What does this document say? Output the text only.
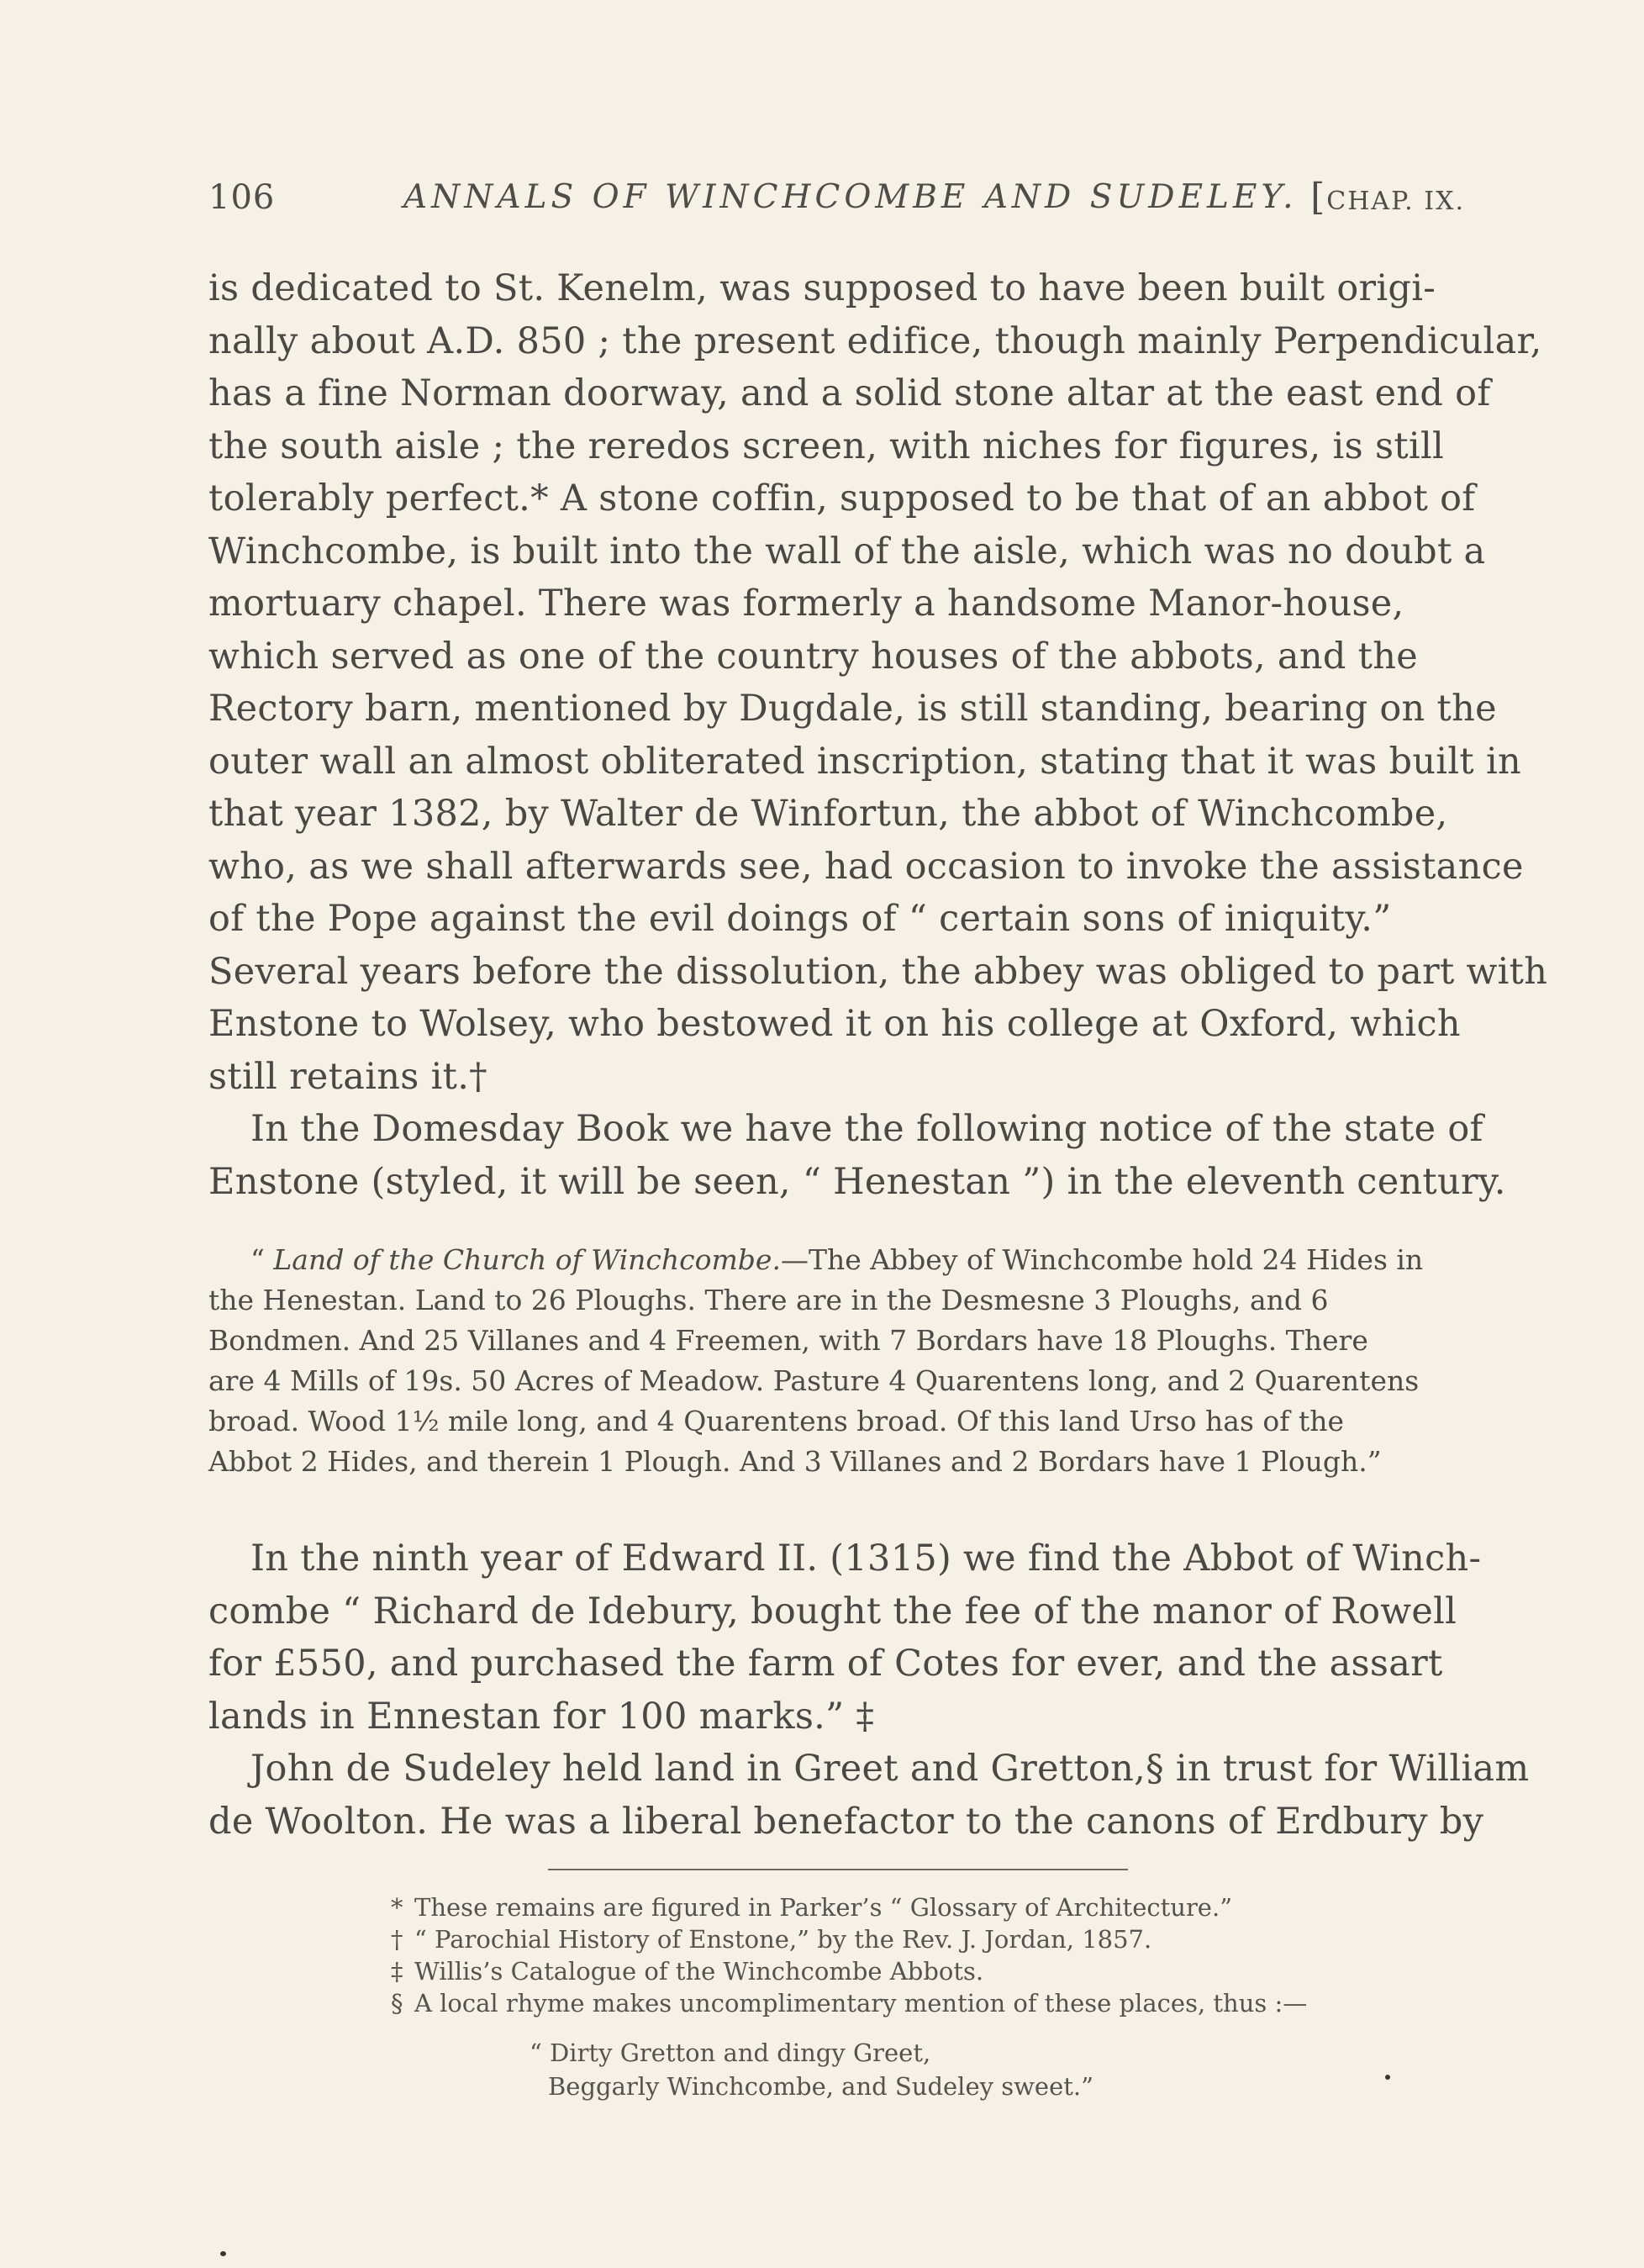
106	ANNALS OF WINCHCOMBE AND SUDELEY. [CHAP. IX.
is dedicated to St. Kenelm, was supposed to have been built origi-
nally about A.D. 850 ; the present edifice, though mainly Perpendicular,
has a fine Norman doorway, and a solid stone altar at the east end of
the south aisle ; the reredos screen, with niches for figures, is still
tolerably perfect.* A stone coffin, supposed to be that of an abbot of
Winchcombe, is built into the wall of the aisle, which was no doubt a
mortuary chapel. There was formerly a handsome Manor-house,
which served as one of the country houses of the abbots, and the
Rectory barn, mentioned by Dugdale, is still standing, bearing on the
outer wall an almost obliterated inscription, stating that it was built in
that year 1382, by Walter de Winfortun, the abbot of Winchcombe,
who, as we shall afterwards see, had occasion to invoke the assistance
of the Pope against the evil doings of “ certain sons of iniquity.”
Several years before the dissolution, the abbey was obliged to part with
Enstone to Wolsey, who bestowed it on his college at Oxford, which
still retains it.†
In the Domesday Book we have the following notice of the state of
Enstone (styled, it will be seen, “ Henestan ”) in the eleventh century.
“ Land of the Church of Winchcombe.—The Abbey of Winchcombe hold 24 Hides in
the Henestan. Land to 26 Ploughs. There are in the Desmesne 3 Ploughs, and 6
Bondmen. And 25 Villanes and 4 Freemen, with 7 Bordars have 18 Ploughs. There
are 4 Mills of 19s. 50 Acres of Meadow. Pasture 4 Quarentens long, and 2 Quarentens
broad. Wood 1½ mile long, and 4 Quarentens broad. Of this land Urso has of the
Abbot 2 Hides, and therein 1 Plough. And 3 Villanes and 2 Bordars have 1 Plough.”
In the ninth year of Edward II. (1315) we find the Abbot of Winch-
combe “ Richard de Idebury, bought the fee of the manor of Rowell
for £550, and purchased the farm of Cotes for ever, and the assart
lands in Ennestan for 100 marks.” ‡
John de Sudeley held land in Greet and Gretton,§ in trust for William
de Woolton. He was a liberal benefactor to the canons of Erdbury by
* These remains are figured in Parker’s “ Glossary of Architecture.”
† “ Parochial History of Enstone,” by the Rev. J. Jordan, 1857.
‡ Willis’s Catalogue of the Winchcombe Abbots.
§ A local rhyme makes uncomplimentary mention of these places, thus :—
“ Dirty Gretton and dingy Greet,
Beggarly Winchcombe, and Sudeley sweet.”
